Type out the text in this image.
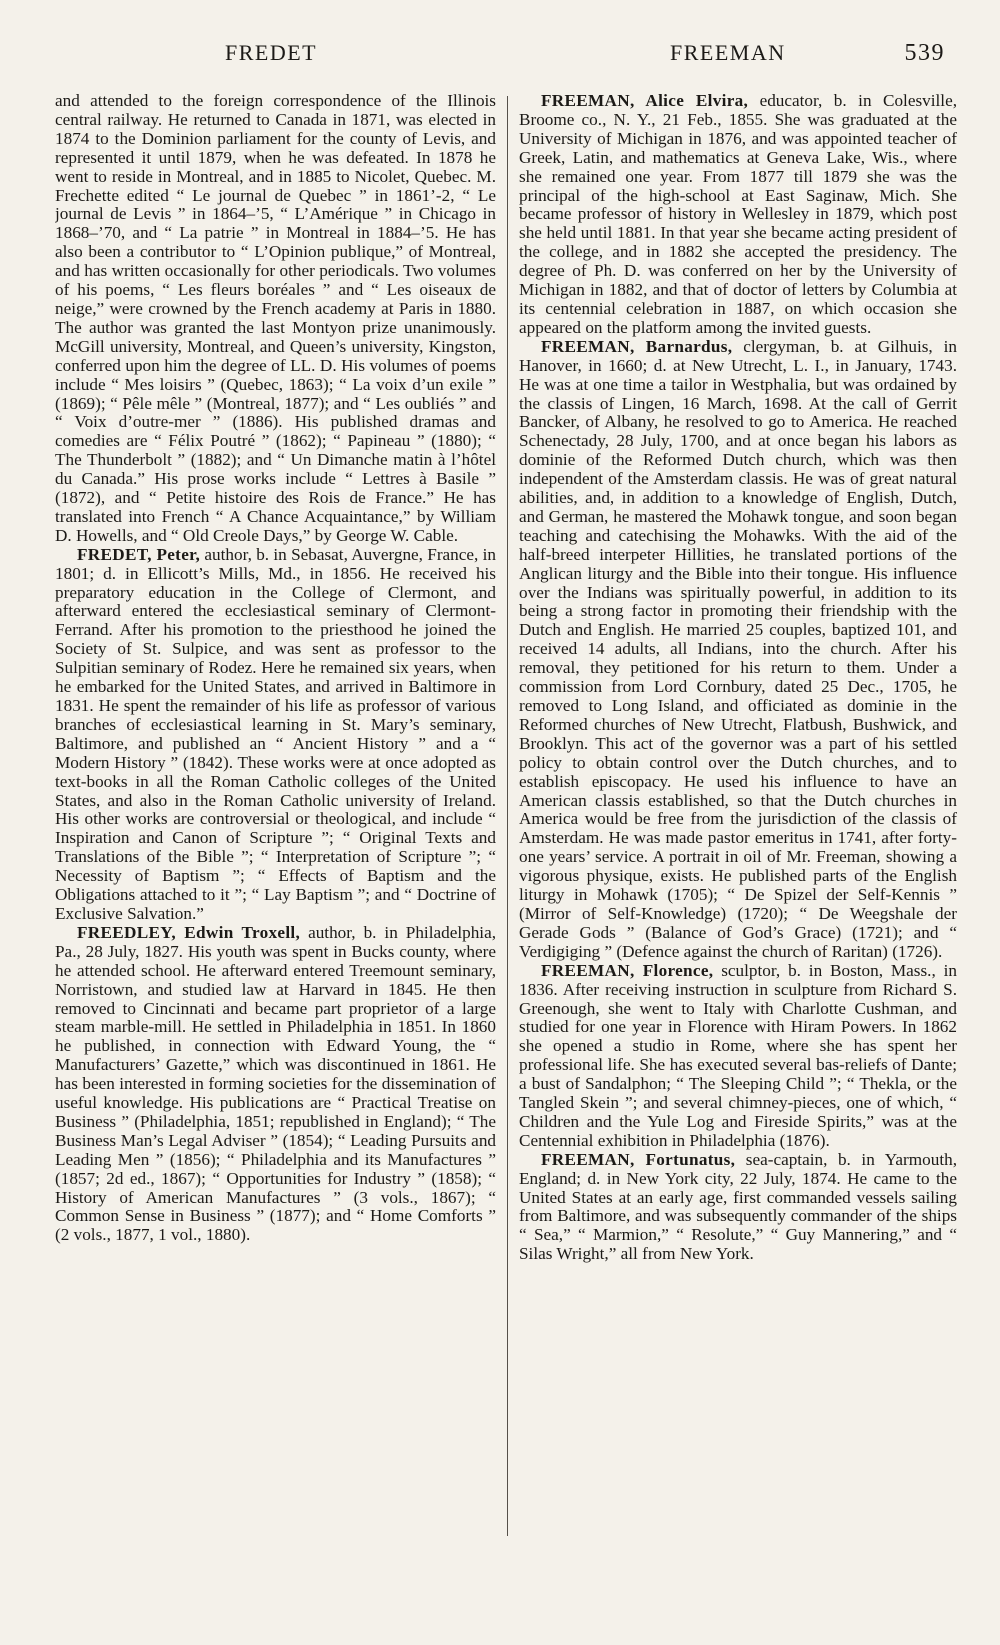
FREDET	FREEMAN	539

and attended to the foreign correspondence of the Illinois central railway. He returned to Canada in 1871, was elected in 1874 to the Dominion parliament for the county of Levis, and represented it until 1879, when he was defeated. In 1878 he went to reside in Montreal, and in 1885 to Nicolet, Quebec. M. Frechette edited “ Le journal de Quebec ” in 1861’-2, “ Le journal de Levis ” in 1864–’5, “ L’Amérique ” in Chicago in 1868–’70, and “ La patrie ” in Montreal in 1884–’5. He has also been a contributor to “ L’Opinion publique,” of Montreal, and has written occasionally for other periodicals. Two volumes of his poems, “ Les fleurs boréales ” and “ Les oiseaux de neige,” were crowned by the French academy at Paris in 1880. The author was granted the last Montyon prize unanimously. McGill university, Montreal, and Queen’s university, Kingston, conferred upon him the degree of LL. D. His volumes of poems include “ Mes loisirs ” (Quebec, 1863); “ La voix d’un exile ” (1869); “ Pêle mêle ” (Montreal, 1877); and “ Les oubliés ” and “ Voix d’outre-mer ” (1886). His published dramas and comedies are “ Félix Poutré ” (1862); “ Papineau ” (1880); “ The Thunderbolt ” (1882); and “ Un Dimanche matin à l’hôtel du Canada.” His prose works include “ Lettres à Basile ” (1872), and “ Petite histoire des Rois de France.” He has translated into French “ A Chance Acquaintance,” by William D. Howells, and “ Old Creole Days,” by George W. Cable.

FREDET, Peter, author, b. in Sebasat, Auvergne, France, in 1801; d. in Ellicott’s Mills, Md., in 1856. He received his preparatory education in the College of Clermont, and afterward entered the ecclesiastical seminary of Clermont-Ferrand. After his promotion to the priesthood he joined the Society of St. Sulpice, and was sent as professor to the Sulpitian seminary of Rodez. Here he remained six years, when he embarked for the United States, and arrived in Baltimore in 1831. He spent the remainder of his life as professor of various branches of ecclesiastical learning in St. Mary’s seminary, Baltimore, and published an “ Ancient History ” and a “ Modern History ” (1842). These works were at once adopted as text-books in all the Roman Catholic colleges of the United States, and also in the Roman Catholic university of Ireland. His other works are controversial or theological, and include “ Inspiration and Canon of Scripture ”; “ Original Texts and Translations of the Bible ”; “ Interpretation of Scripture ”; “ Necessity of Baptism ”; “ Effects of Baptism and the Obligations attached to it ”; “ Lay Baptism ”; and “ Doctrine of Exclusive Salvation.”

FREEDLEY, Edwin Troxell, author, b. in Philadelphia, Pa., 28 July, 1827. His youth was spent in Bucks county, where he attended school. He afterward entered Treemount seminary, Norristown, and studied law at Harvard in 1845. He then removed to Cincinnati and became part proprietor of a large steam marble-mill. He settled in Philadelphia in 1851. In 1860 he published, in connection with Edward Young, the “ Manufacturers’ Gazette,” which was discontinued in 1861. He has been interested in forming societies for the dissemination of useful knowledge. His publications are “ Practical Treatise on Business ” (Philadelphia, 1851; republished in England); “ The Business Man’s Legal Adviser ” (1854); “ Leading Pursuits and Leading Men ” (1856); “ Philadelphia and its Manufactures ” (1857; 2d ed., 1867); “ Opportunities for Industry ” (1858); “ History of American Manufactures ” (3 vols., 1867); “ Common Sense in Business ” (1877); and “ Home Comforts ” (2 vols., 1877, 1 vol., 1880).

FREEMAN, Alice Elvira, educator, b. in Colesville, Broome co., N. Y., 21 Feb., 1855. She was graduated at the University of Michigan in 1876, and was appointed teacher of Greek, Latin, and mathematics at Geneva Lake, Wis., where she remained one year. From 1877 till 1879 she was the principal of the high-school at East Saginaw, Mich. She became professor of history in Wellesley in 1879, which post she held until 1881. In that year she became acting president of the college, and in 1882 she accepted the presidency. The degree of Ph. D. was conferred on her by the University of Michigan in 1882, and that of doctor of letters by Columbia at its centennial celebration in 1887, on which occasion she appeared on the platform among the invited guests.

FREEMAN, Barnardus, clergyman, b. at Gilhuis, in Hanover, in 1660; d. at New Utrecht, L. I., in January, 1743. He was at one time a tailor in Westphalia, but was ordained by the classis of Lingen, 16 March, 1698. At the call of Gerrit Bancker, of Albany, he resolved to go to America. He reached Schenectady, 28 July, 1700, and at once began his labors as dominie of the Reformed Dutch church, which was then independent of the Amsterdam classis. He was of great natural abilities, and, in addition to a knowledge of English, Dutch, and German, he mastered the Mohawk tongue, and soon began teaching and catechising the Mohawks. With the aid of the half-breed interpeter Hillities, he translated portions of the Anglican liturgy and the Bible into their tongue. His influence over the Indians was spiritually powerful, in addition to its being a strong factor in promoting their friendship with the Dutch and English. He married 25 couples, baptized 101, and received 14 adults, all Indians, into the church. After his removal, they petitioned for his return to them. Under a commission from Lord Cornbury, dated 25 Dec., 1705, he removed to Long Island, and officiated as dominie in the Reformed churches of New Utrecht, Flatbush, Bushwick, and Brooklyn. This act of the governor was a part of his settled policy to obtain control over the Dutch churches, and to establish episcopacy. He used his influence to have an American classis established, so that the Dutch churches in America would be free from the jurisdiction of the classis of Amsterdam. He was made pastor emeritus in 1741, after forty-one years’ service. A portrait in oil of Mr. Freeman, showing a vigorous physique, exists. He published parts of the English liturgy in Mohawk (1705); “ De Spizel der Self-Kennis ” (Mirror of Self-Knowledge) (1720); “ De Weegshale der Gerade Gods ” (Balance of God’s Grace) (1721); and “ Verdigiging ” (Defence against the church of Raritan) (1726).

FREEMAN, Florence, sculptor, b. in Boston, Mass., in 1836. After receiving instruction in sculpture from Richard S. Greenough, she went to Italy with Charlotte Cushman, and studied for one year in Florence with Hiram Powers. In 1862 she opened a studio in Rome, where she has spent her professional life. She has executed several bas-reliefs of Dante; a bust of Sandalphon; “ The Sleeping Child ”; “ Thekla, or the Tangled Skein ”; and several chimney-pieces, one of which, “ Children and the Yule Log and Fireside Spirits,” was at the Centennial exhibition in Philadelphia (1876).

FREEMAN, Fortunatus, sea-captain, b. in Yarmouth, England; d. in New York city, 22 July, 1874. He came to the United States at an early age, first commanded vessels sailing from Baltimore, and was subsequently commander of the ships “ Sea,” “ Marmion,” “ Resolute,” “ Guy Mannering,” and “ Silas Wright,” all from New York.
